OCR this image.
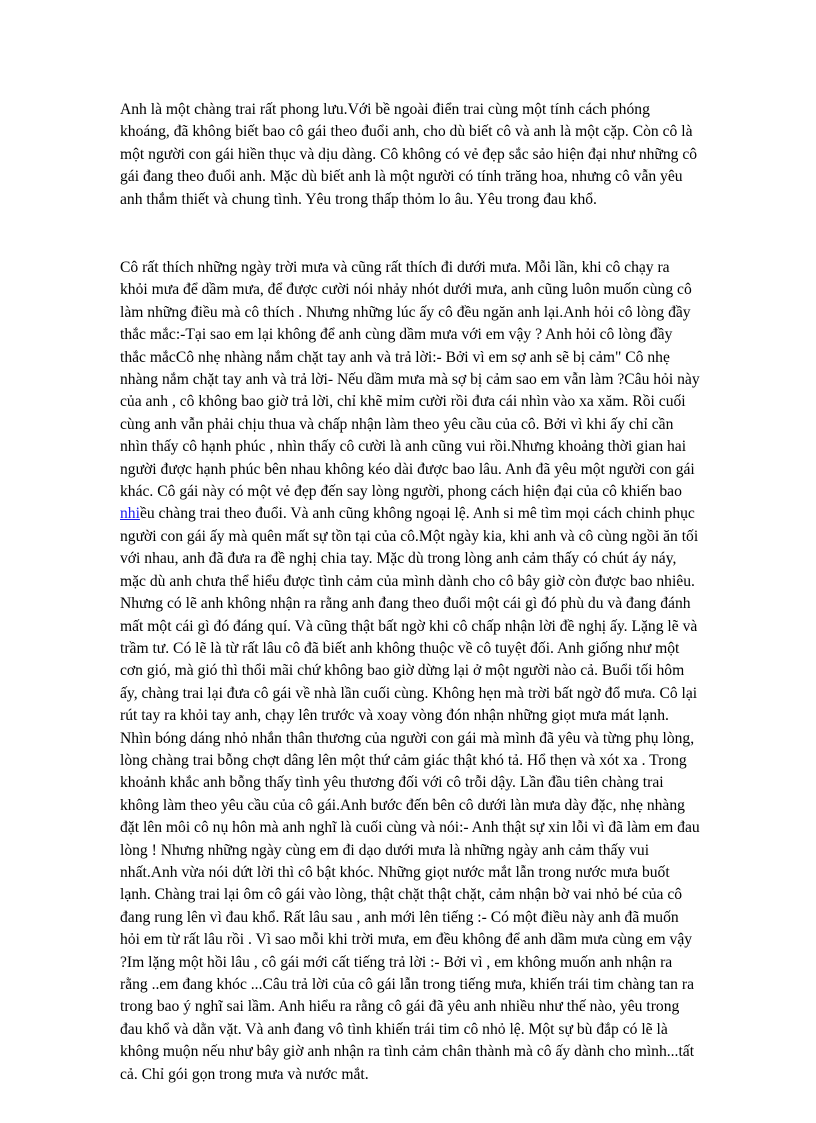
Anh là một chàng trai rất phong lưu.Với bề ngoài điển trai cùng một tính cách phóng khoáng, đã không biết bao cô gái theo đuổi anh, cho dù biết cô và anh là một cặp. Còn cô là một người con gái hiền thục và dịu dàng. Cô không có vẻ đẹp sắc sảo hiện đại như những cô gái đang theo đuổi anh. Mặc dù biết anh là một người có tính trăng hoa, nhưng cô vẫn yêu anh thắm thiết và chung tình. Yêu trong thấp thỏm lo âu. Yêu trong đau khổ.

Cô rất thích những ngày trời mưa và cũng rất thích đi dưới mưa. Mỗi lần, khi cô chạy ra khỏi mưa để dầm mưa, để được cười nói nhảy nhót dưới mưa, anh cũng luôn muốn cùng cô làm những điều mà cô thích . Nhưng những lúc ấy cô đều ngăn anh lại.Anh hỏi cô lòng đầy thắc mắc:-Tại sao em lại không để anh cùng dầm mưa với em vậy ? Anh hỏi cô lòng đầy thắc mắcCô nhẹ nhàng nắm chặt tay anh và trả lời:- Bởi vì em sợ anh sẽ bị cảm" Cô nhẹ nhàng nắm chặt tay anh và trả lời- Nếu dầm mưa mà sợ bị cảm sao em vẫn làm ?Câu hỏi này của anh , cô không bao giờ trả lời, chỉ khẽ mỉm cười rồi đưa cái nhìn vào xa xăm. Rồi cuối cùng anh vẫn phải chịu thua và chấp nhận làm theo yêu cầu của cô. Bởi vì khi ấy chỉ cần nhìn thấy cô hạnh phúc , nhìn thấy cô cười là anh cũng vui rồi.Nhưng khoảng thời gian hai người được hạnh phúc bên nhau không kéo dài được bao lâu. Anh đã yêu một người con gái khác. Cô gái này có một vẻ đẹp đến say lòng người, phong cách hiện đại của cô khiến bao nhiều chàng trai theo đuổi. Và anh cũng không ngoại lệ. Anh si mê tìm mọi cách chinh phục người con gái ấy mà quên mất sự tồn tại của cô.Một ngày kia, khi anh và cô cùng ngồi ăn tối với nhau, anh đã đưa ra đề nghị chia tay. Mặc dù trong lòng anh cảm thấy có chút áy náy, mặc dù anh chưa thể hiểu được tình cảm của mình dành cho cô bây giờ còn được bao nhiêu. Nhưng có lẽ anh không nhận ra rằng anh đang theo đuổi một cái gì đó phù du và đang đánh mất một cái gì đó đáng quí. Và cũng thật bất ngờ khi cô chấp nhận lời đề nghị ấy. Lặng lẽ và trầm tư. Có lẽ là từ rất lâu cô đã biết anh không thuộc về cô tuyệt đối. Anh giống như một cơn gió, mà gió thì thổi mãi chứ không bao giờ dừng lại ở một người nào cả. Buổi tối hôm ấy, chàng trai lại đưa cô gái về nhà lần cuối cùng. Không hẹn mà trời bất ngờ đổ mưa. Cô lại rút tay ra khỏi tay anh, chạy lên trước và xoay vòng đón nhận những giọt mưa mát lạnh. Nhìn bóng dáng nhỏ nhắn thân thương của người con gái mà mình đã yêu và từng phụ lòng, lòng chàng trai bỗng chợt dâng lên một thứ cảm giác thật khó tả. Hổ thẹn và xót xa . Trong khoảnh khắc anh bỗng thấy tình yêu thương đối với cô trỗi dậy. Lần đầu tiên chàng trai không làm theo yêu cầu của cô gái.Anh bước đến bên cô dưới làn mưa dày đặc, nhẹ nhàng đặt lên môi cô nụ hôn mà anh nghĩ là cuối cùng và nói:- Anh thật sự xin lỗi vì đã làm em đau lòng ! Nhưng những ngày cùng em đi dạo dưới mưa là những ngày anh cảm thấy vui nhất.Anh vừa nói dứt lời thì cô bật khóc. Những giọt nước mắt lẫn trong nước mưa buốt lạnh. Chàng trai lại ôm cô gái vào lòng, thật chặt thật chặt, cảm nhận bờ vai nhỏ bé của cô đang rung lên vì đau khổ. Rất lâu sau , anh mới lên tiếng :- Có một điều này anh đã muốn hỏi em từ rất lâu rồi . Vì sao mỗi khi trời mưa, em đều không để anh dầm mưa cùng em vậy ?Im lặng một hồi lâu , cô gái mới cất tiếng trả lời :- Bởi vì , em không muốn anh nhận ra rằng ..em đang khóc ...Câu trả lời của cô gái lẫn trong tiếng mưa, khiến trái tim chàng tan ra trong bao ý nghĩ sai lầm. Anh hiểu ra rằng cô gái đã yêu anh nhiều như thế nào, yêu trong đau khổ và dằn vặt. Và anh đang vô tình khiến trái tim cô nhỏ lệ. Một sự bù đắp có lẽ là không muộn nếu như bây giờ anh nhận ra tình cảm chân thành mà cô ấy dành cho mình...tất cả. Chỉ gói gọn trong mưa và nước mắt.
